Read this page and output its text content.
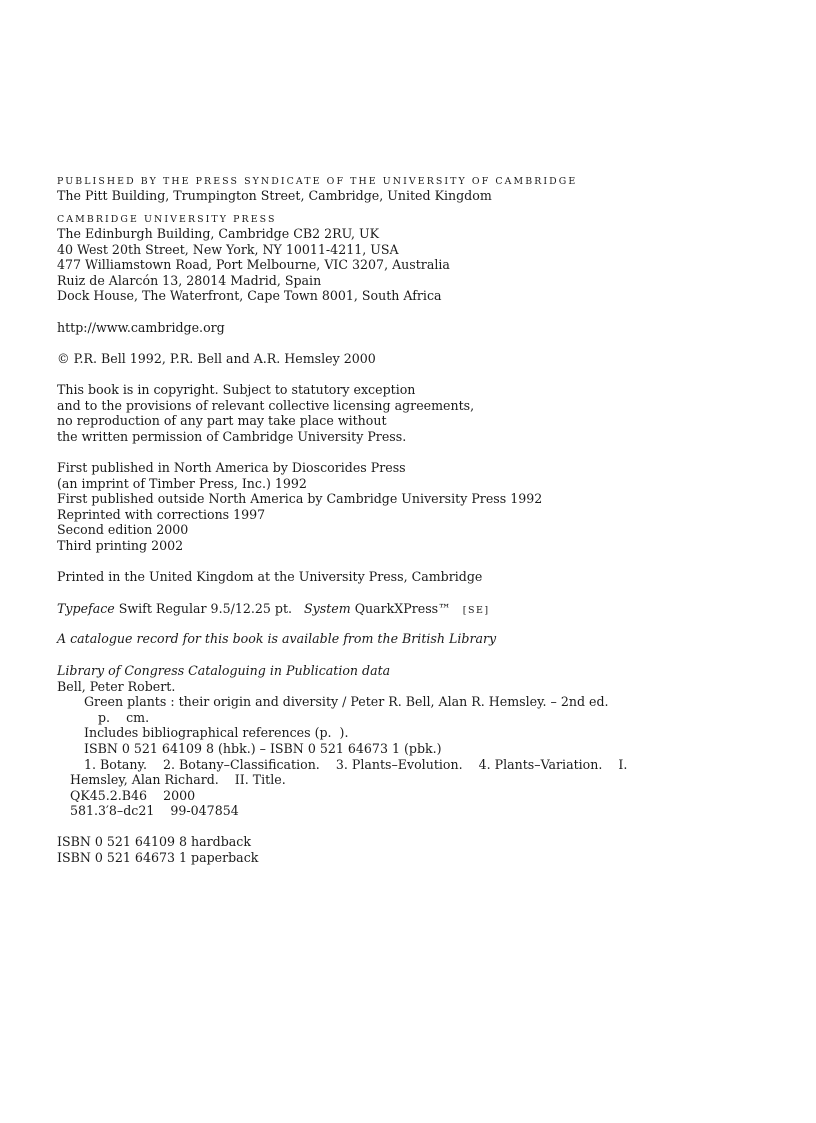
PUBLISHED BY THE PRESS SYNDICATE OF THE UNIVERSITY OF CAMBRIDGE
The Pitt Building, Trumpington Street, Cambridge, United Kingdom
CAMBRIDGE UNIVERSITY PRESS
The Edinburgh Building, Cambridge CB2 2RU, UK
40 West 20th Street, New York, NY 10011-4211, USA
477 Williamstown Road, Port Melbourne, VIC 3207, Australia
Ruiz de Alarcón 13, 28014 Madrid, Spain
Dock House, The Waterfront, Cape Town 8001, South Africa
http://www.cambridge.org
© P.R. Bell 1992, P.R. Bell and A.R. Hemsley 2000
This book is in copyright. Subject to statutory exception
and to the provisions of relevant collective licensing agreements,
no reproduction of any part may take place without
the written permission of Cambridge University Press.
First published in North America by Dioscorides Press
(an imprint of Timber Press, Inc.) 1992
First published outside North America by Cambridge University Press 1992
Reprinted with corrections 1997
Second edition 2000
Third printing 2002
Printed in the United Kingdom at the University Press, Cambridge
Typeface Swift Regular 9.5/12.25 pt. System QuarkXPress™ [SE]
A catalogue record for this book is available from the British Library
Library of Congress Cataloguing in Publication data
Bell, Peter Robert.
Green plants : their origin and diversity / Peter R. Bell, Alan R. Hemsley. – 2nd ed.
p.    cm.
Includes bibliographical references (p.  ).
ISBN 0 521 64109 8 (hbk.) – ISBN 0 521 64673 1 (pbk.)
1. Botany.    2. Botany–Classification.    3. Plants–Evolution.    4. Plants–Variation.    I.
Hemsley, Alan Richard.    II. Title.
QK45.2.B46    2000
581.3′8–dc21    99-047854
ISBN 0 521 64109 8 hardback
ISBN 0 521 64673 1 paperback
